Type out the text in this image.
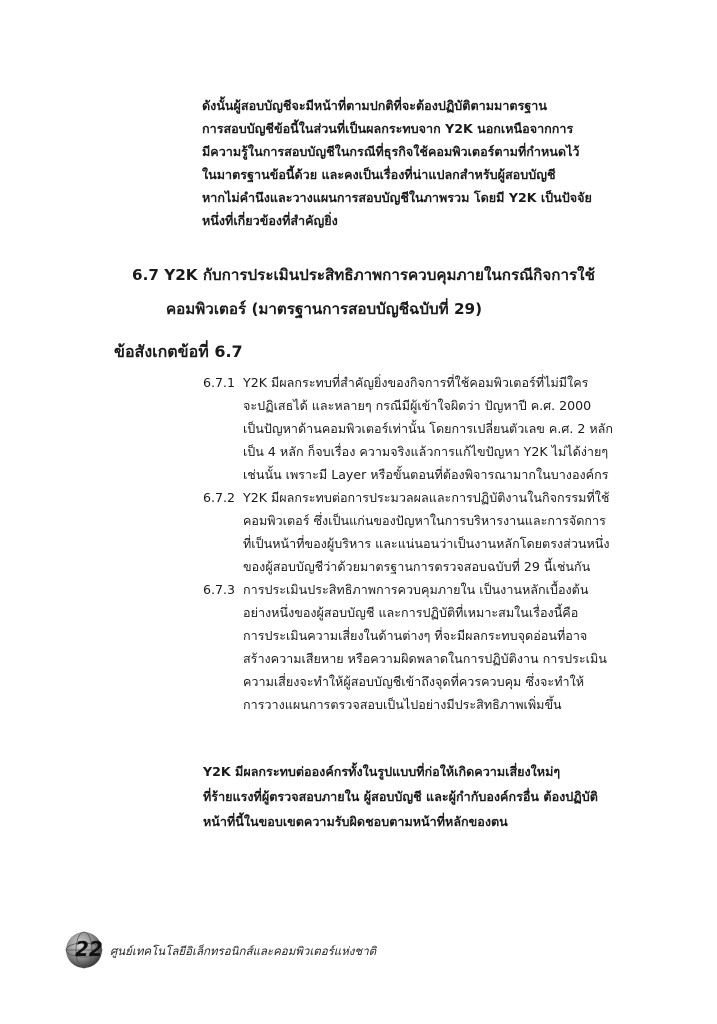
ดังนั้นผู้สอบบัญชีจะมีหน้าที่ตามปกติที่จะต้องปฏิบัติตามมาตรฐาน
การสอบบัญชีข้อนี้ในส่วนที่เป็นผลกระทบจาก Y2K นอกเหนือจากการ
มีความรู้ในการสอบบัญชีในกรณีที่ธุรกิจใช้คอมพิวเตอร์ตามที่กำหนดไว้
ในมาตรฐานข้อนี้ด้วย และคงเป็นเรื่องที่น่าแปลกสำหรับผู้สอบบัญชี
หากไม่คำนึงและวางแผนการสอบบัญชีในภาพรวม โดยมี Y2K เป็นปัจจัย
หนึ่งที่เกี่ยวข้องที่สำคัญยิ่ง
6.7 Y2K กับการประเมินประสิทธิภาพการควบคุมภายในกรณีกิจการใช้
คอมพิวเตอร์ (มาตรฐานการสอบบัญชีฉบับที่ 29)
ข้อสังเกตข้อที่ 6.7
6.7.1 Y2K มีผลกระทบที่สำคัญยิ่งของกิจการที่ใช้คอมพิวเตอร์ที่ไม่มีใคร
จะปฏิเสธได้ และหลายๆ กรณีมีผู้เข้าใจผิดว่า ปัญหาปี ค.ศ. 2000
เป็นปัญหาด้านคอมพิวเตอร์เท่านั้น โดยการเปลี่ยนตัวเลข ค.ศ. 2 หลัก
เป็น 4 หลัก ก็จบเรื่อง ความจริงแล้วการแก้ไขปัญหา Y2K ไม่ได้ง่ายๆ
เช่นนั้น เพราะมี Layer หรือขั้นตอนที่ต้องพิจารณามากในบางองค์กร
6.7.2 Y2K มีผลกระทบต่อการประมวลผลและการปฏิบัติงานในกิจกรรมที่ใช้
คอมพิวเตอร์ ซึ่งเป็นแก่นของปัญหาในการบริหารงานและการจัดการ
ที่เป็นหน้าที่ของผู้บริหาร และแน่นอนว่าเป็นงานหลักโดยตรงส่วนหนึ่ง
ของผู้สอบบัญชีว่าด้วยมาตรฐานการตรวจสอบฉบับที่ 29 นี้เช่นกัน
6.7.3 การประเมินประสิทธิภาพการควบคุมภายใน เป็นงานหลักเบื้องต้น
อย่างหนึ่งของผู้สอบบัญชี และการปฏิบัติที่เหมาะสมในเรื่องนี้คือ
การประเมินความเสี่ยงในด้านต่างๆ ที่จะมีผลกระทบจุดอ่อนที่อาจ
สร้างความเสียหาย หรือความผิดพลาดในการปฏิบัติงาน การประเมิน
ความเสี่ยงจะทำให้ผู้สอบบัญชีเข้าถึงจุดที่ควรควบคุม ซึ่งจะทำให้
การวางแผนการตรวจสอบเป็นไปอย่างมีประสิทธิภาพเพิ่มขึ้น
Y2K มีผลกระทบต่อองค์กรทั้งในรูปแบบที่ก่อให้เกิดความเสี่ยงใหม่ๆ
ที่ร้ายแรงที่ผู้ตรวจสอบภายใน ผู้สอบบัญชี และผู้กำกับองค์กรอื่น ต้องปฏิบัติ
หน้าที่นี้ในขอบเขตความรับผิดชอบตามหน้าที่หลักของตน
22 ศูนย์เทคโนโลยีอิเล็กทรอนิกส์และคอมพิวเตอร์แห่งชาติ
